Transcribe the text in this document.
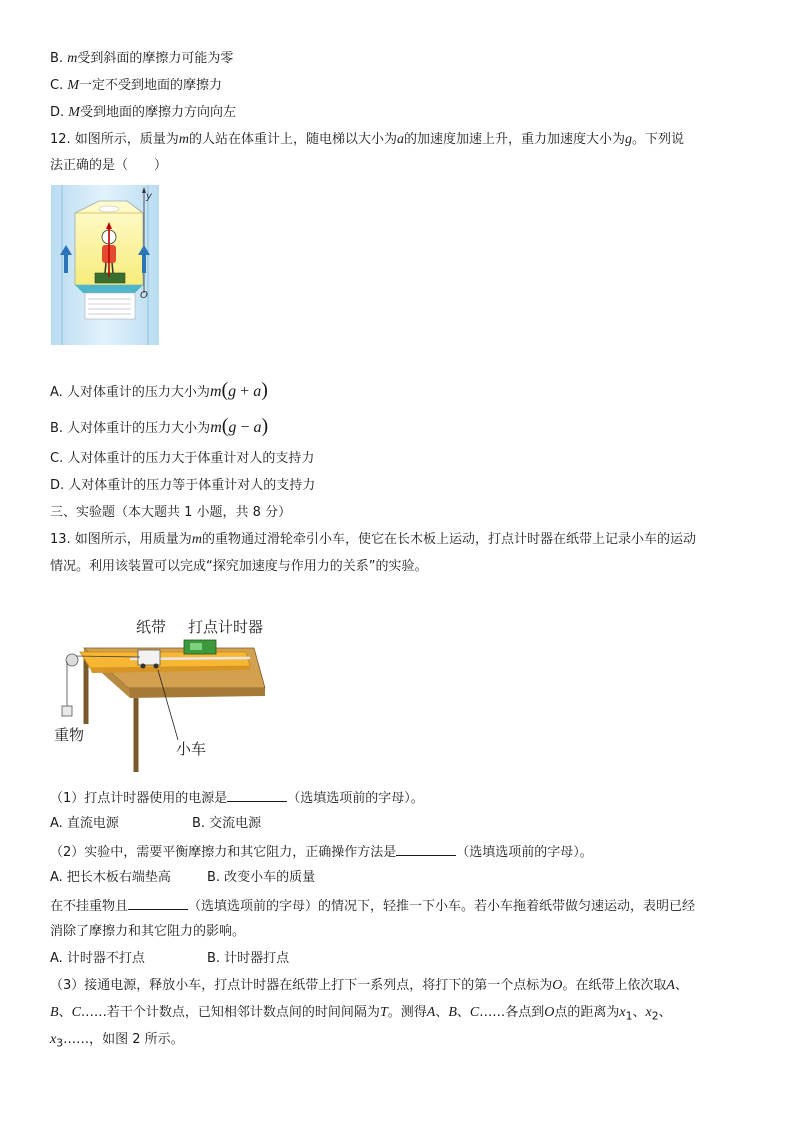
B. m受到斜面的摩擦力可能为零
C. M一定不受到地面的摩擦力
D. M受到地面的摩擦力方向向左
12. 如图所示，质量为m的人站在体重计上，随电梯以大小为a的加速度加速上升，重力加速度大小为g。下列说
法正确的是（　　）
y
O
A. 人对体重计的压力大小为m(g + a)
B. 人对体重计的压力大小为m(g − a)
C. 人对体重计的压力大于体重计对人的支持力
D. 人对体重计的压力等于体重计对人的支持力
三、实验题（本大题共 1 小题，共 8 分）
13. 如图所示，用质量为m的重物通过滑轮牵引小车，使它在长木板上运动，打点计时器在纸带上记录小车的运动
情况。利用该装置可以完成“探究加速度与作用力的关系”的实验。
纸带 打点计时器
重物
小车
（1）打点计时器使用的电源是	（选填选项前的字母）。
A. 直流电源	B. 交流电源
（2）实验中，需要平衡摩擦力和其它阻力，正确操作方法是	（选填选项前的字母）。
A. 把长木板右端垫高	B. 改变小车的质量
在不挂重物且	（选填选项前的字母）的情况下，轻推一下小车。若小车拖着纸带做匀速运动，表明已经
消除了摩擦力和其它阻力的影响。
A. 计时器不打点	B. 计时器打点
（3）接通电源，释放小车，打点计时器在纸带上打下一系列点，将打下的第一个点标为O。在纸带上依次取A、
B、C……若干个计数点，已知相邻计数点间的时间间隔为T。测得A、B、C……各点到O点的距离为$x_1$、$x_2$、
$x_3\dots\dots$，如图 2 所示。
